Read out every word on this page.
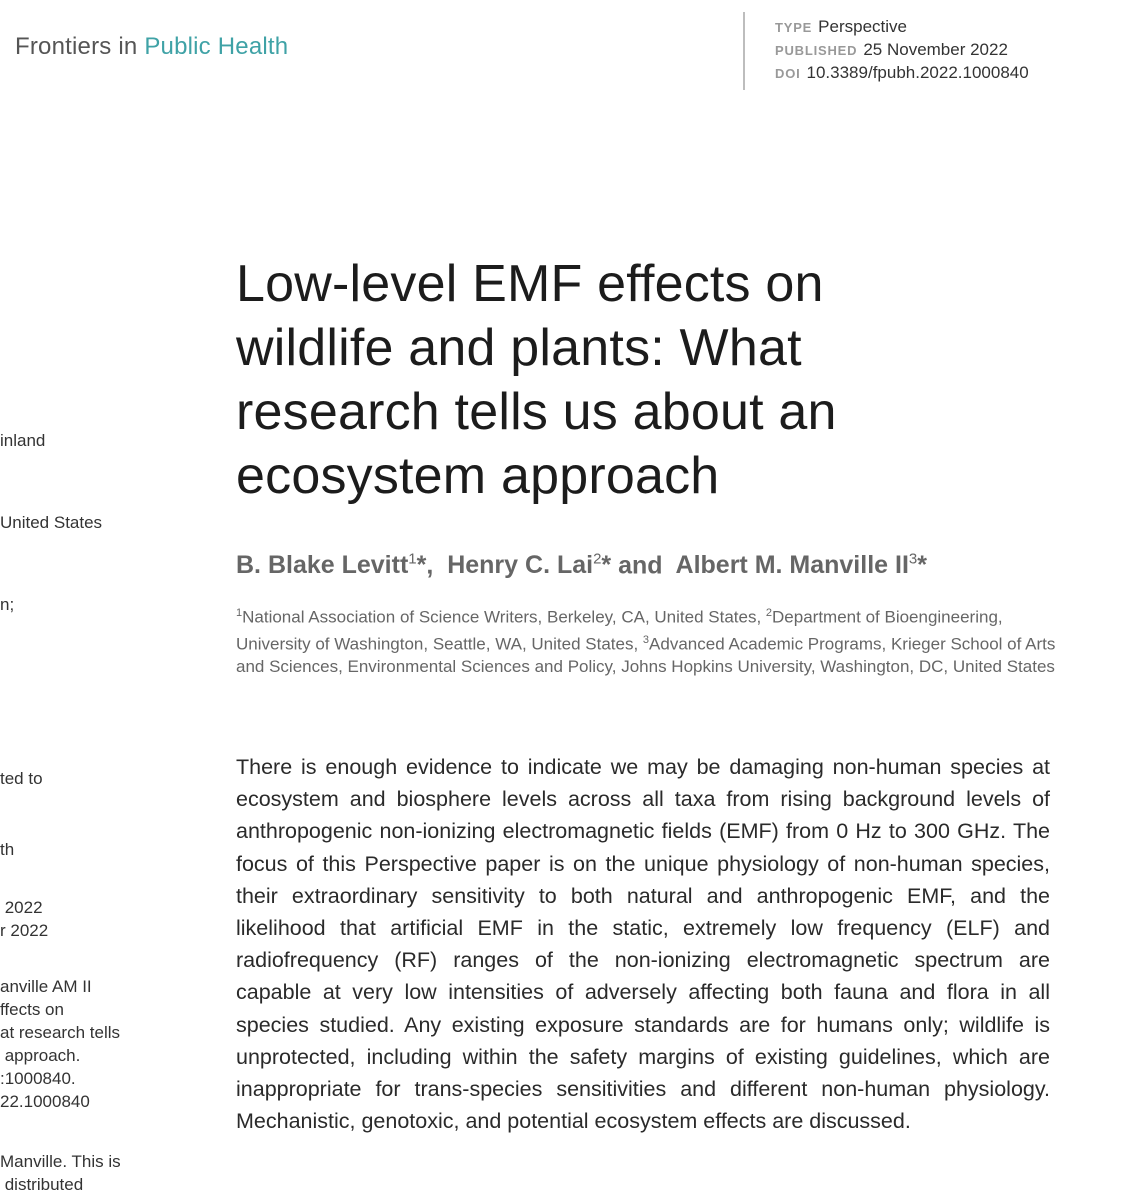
Frontiers in Public Health
TYPE Perspective
PUBLISHED 25 November 2022
DOI 10.3389/fpubh.2022.1000840
Low-level EMF effects on wildlife and plants: What research tells us about an ecosystem approach
B. Blake Levitt$^1$*,  Henry C. Lai$^2$* and  Albert M. Manville $II^3*$

$^1$National Association of Science Writers, Berkeley, CA, United States, $^2$Department of Bioengineering, University of Washington, Seattle, WA, United States, $^3$Advanced Academic Programs, Krieger School of Arts and Sciences, Environmental Sciences and Policy, Johns Hopkins University, Washington, DC, United States

There is enough evidence to indicate we may be damaging non-human species at ecosystem and biosphere levels across all taxa from rising background levels of anthropogenic non-ionizing electromagnetic fields (EMF) from 0 Hz to 300 GHz. The focus of this Perspective paper is on the unique physiology of non-human species, their extraordinary sensitivity to both natural and anthropogenic EMF, and the likelihood that artificial EMF in the static, extremely low frequency (ELF) and radiofrequency (RF) ranges of the non-ionizing electromagnetic spectrum are capable at very low intensities of adversely affecting both fauna and flora in all species studied. Any existing exposure standards are for humans only; wildlife is unprotected, including within the safety margins of existing guidelines, which are inappropriate for trans-species sensitivities and different non-human physiology. Mechanistic, genotoxic, and potential ecosystem effects are discussed.

inland
United States
n;
ted to
th
2022
r 2022
anville AM II
ffects on
at research tells
approach.
:1000840.
22.1000840
Manville. This is
distributed
